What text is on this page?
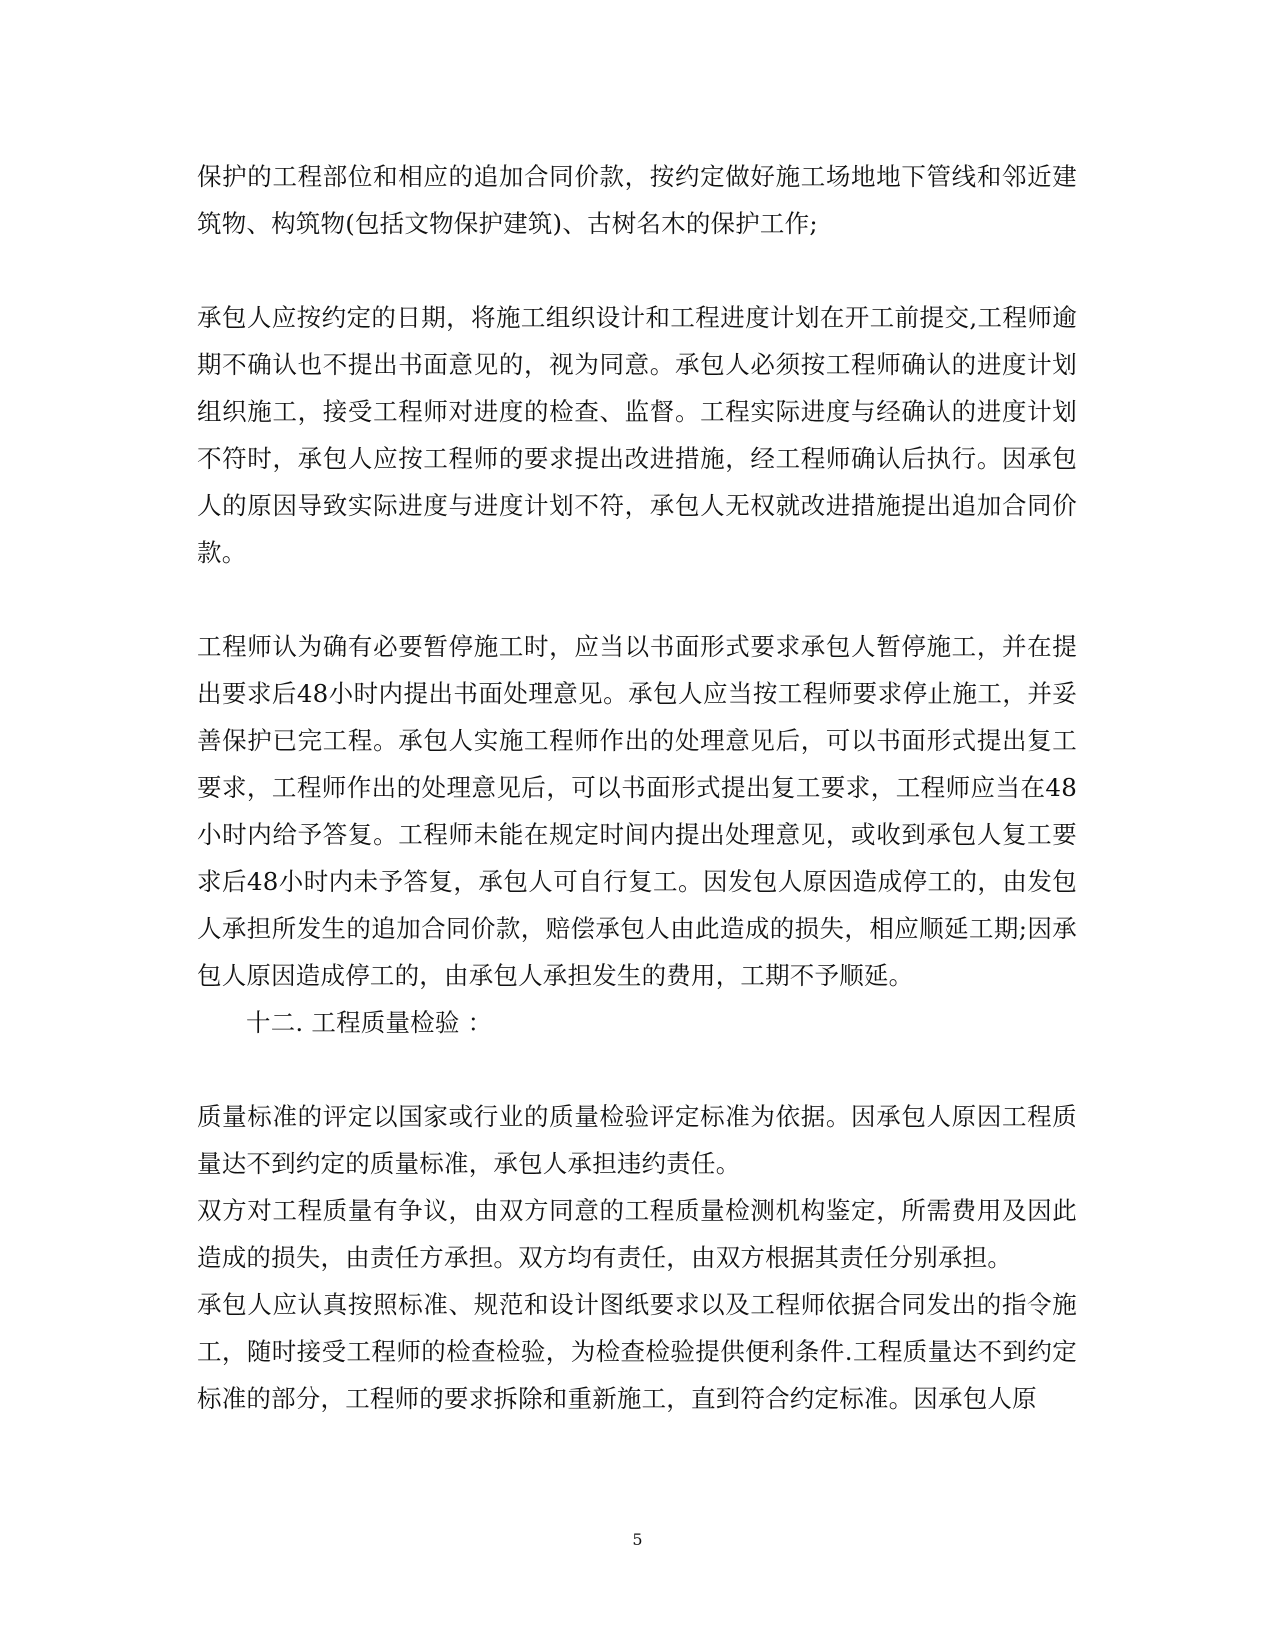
保护的工程部位和相应的追加合同价款，按约定做好施工场地地下管线和邻近建筑物、构筑物(包括文物保护建筑)、古树名木的保护工作;

承包人应按约定的日期，将施工组织设计和工程进度计划在开工前提交,工程师逾期不确认也不提出书面意见的，视为同意。承包人必须按工程师确认的进度计划组织施工，接受工程师对进度的检查、监督。工程实际进度与经确认的进度计划不符时，承包人应按工程师的要求提出改进措施，经工程师确认后执行。因承包人的原因导致实际进度与进度计划不符，承包人无权就改进措施提出追加合同价款。

工程师认为确有必要暂停施工时，应当以书面形式要求承包人暂停施工，并在提出要求后48小时内提出书面处理意见。承包人应当按工程师要求停止施工，并妥善保护已完工程。承包人实施工程师作出的处理意见后，可以书面形式提出复工要求，工程师作出的处理意见后，可以书面形式提出复工要求，工程师应当在48小时内给予答复。工程师未能在规定时间内提出处理意见，或收到承包人复工要求后48小时内未予答复，承包人可自行复工。因发包人原因造成停工的，由发包人承担所发生的追加合同价款，赔偿承包人由此造成的损失，相应顺延工期;因承包人原因造成停工的，由承包人承担发生的费用，工期不予顺延。

十二. 工程质量检验 ：

质量标准的评定以国家或行业的质量检验评定标准为依据。因承包人原因工程质量达不到约定的质量标准，承包人承担违约责任。

双方对工程质量有争议，由双方同意的工程质量检测机构鉴定，所需费用及因此造成的损失，由责任方承担。双方均有责任，由双方根据其责任分别承担。

承包人应认真按照标准、规范和设计图纸要求以及工程师依据合同发出的指令施工，随时接受工程师的检查检验，为检查检验提供便利条件.工程质量达不到约定标准的部分，工程师的要求拆除和重新施工，直到符合约定标准。因承包人原

5
